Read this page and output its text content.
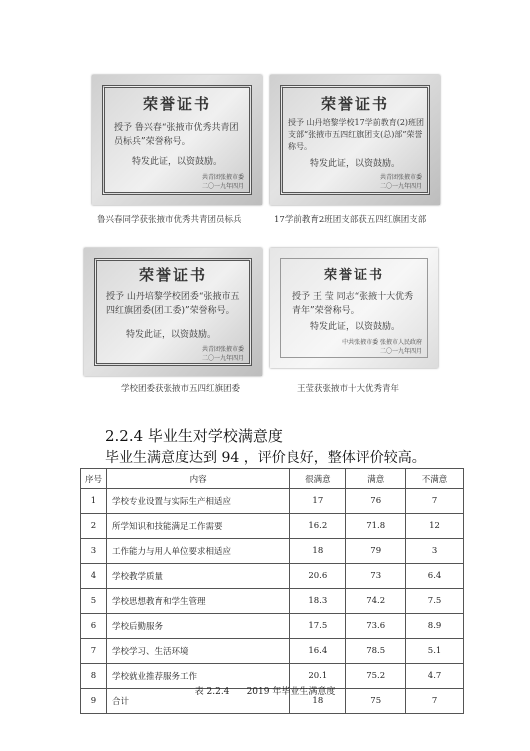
荣誉证书
授予 鲁兴春“张掖市优秀共青团员标兵”荣誉称号。
特发此证，以资鼓励。
共青团张掖市委
二〇一九年四月
鲁兴春同学获张掖市优秀共青团员标兵
荣誉证书
授予 山丹培黎学校17学前教育(2)班团支部“张掖市五四红旗团支(总)部”荣誉称号。
特发此证，以资鼓励。
共青团张掖市委
二〇一九年四月
17学前教育2班团支部获五四红旗团支部
荣誉证书
授予 山丹培黎学校团委“张掖市五四红旗团委(团工委)”荣誉称号。
特发此证，以资鼓励。
共青团张掖市委
二〇一九年四月
学校团委获张掖市五四红旗团委
荣誉证书
授予 王 莹 同志“张掖十大优秀青年”荣誉称号。
特发此证，以资鼓励。
中共张掖市委 张掖市人民政府
二〇一九年四月
王莹获张掖市十大优秀青年
2.2.4 毕业生对学校满意度
毕业生满意度达到 94 ，评价良好，整体评价较高。
序号	内容	很满意	满意	不满意
1	学校专业设置与实际生产相适应	17	76	7
2	所学知识和技能满足工作需要	16.2	71.8	12
3	工作能力与用人单位要求相适应	18	79	3
4	学校教学质量	20.6	73	6.4
5	学校思想教育和学生管理	18.3	74.2	7.5
6	学校后勤服务	17.5	73.6	8.9
7	学校学习、生活环境	16.4	78.5	5.1
8	学校就业推荐服务工作	20.1	75.2	4.7
9	合计	18	75	7
表 2.2.4      2019 年毕业生满意度
